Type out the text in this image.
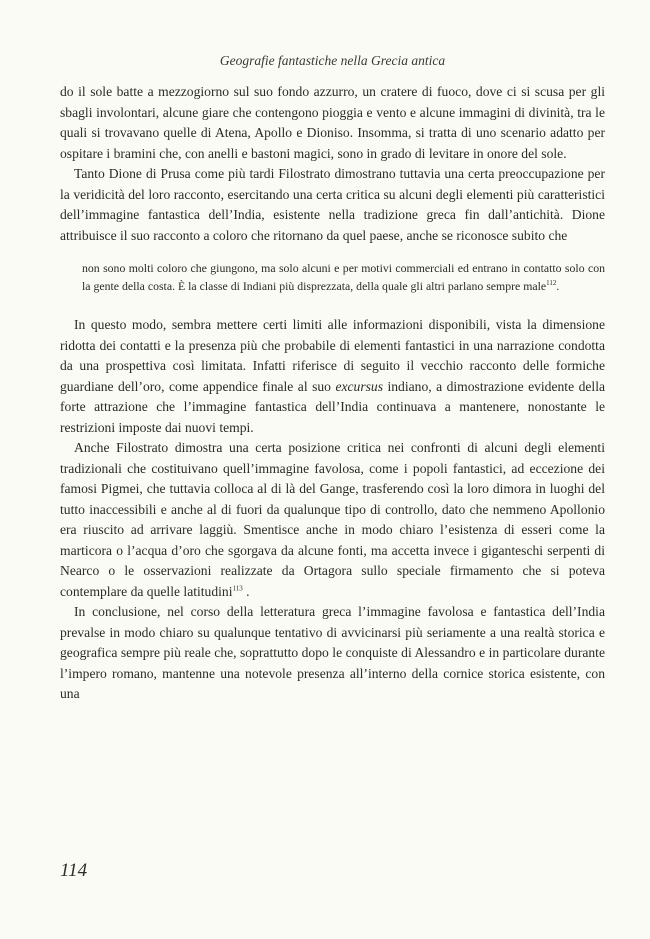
Geografie fantastiche nella Grecia antica

do il sole batte a mezzogiorno sul suo fondo azzurro, un cratere di fuoco, dove ci si scusa per gli sbagli involontari, alcune giare che contengono pioggia e vento e alcune immagini di divinità, tra le quali si trovavano quelle di Atena, Apollo e Dioniso. Insomma, si tratta di uno scenario adatto per ospitare i bramini che, con anelli e bastoni magici, sono in grado di levitare in onore del sole.

Tanto Dione di Prusa come più tardi Filostrato dimostrano tuttavia una certa preoccupazione per la veridicità del loro racconto, esercitando una certa critica su alcuni degli elementi più caratteristici dell’immagine fantastica dell’India, esistente nella tradizione greca fin dall’antichità. Dione attribuisce il suo racconto a coloro che ritornano da quel paese, anche se riconosce subito che

non sono molti coloro che giungono, ma solo alcuni e per motivi commerciali ed entrano in contatto solo con la gente della costa. È la classe di Indiani più disprezzata, della quale gli altri parlano sempre male$^{112}$.

In questo modo, sembra mettere certi limiti alle informazioni disponibili, vista la dimensione ridotta dei contatti e la presenza più che probabile di elementi fantastici in una narrazione condotta da una prospettiva così limitata. Infatti riferisce di seguito il vecchio racconto delle formiche guardiane dell’oro, come appendice finale al suo excursus indiano, a dimostrazione evidente della forte attrazione che l’immagine fantastica dell’India continuava a mantenere, nonostante le restrizioni imposte dai nuovi tempi.

Anche Filostrato dimostra una certa posizione critica nei confronti di alcuni degli elementi tradizionali che costituivano quell’immagine favolosa, come i popoli fantastici, ad eccezione dei famosi Pigmei, che tuttavia colloca al di là del Gange, trasferendo così la loro dimora in luoghi del tutto inaccessibili e anche al di fuori da qualunque tipo di controllo, dato che nemmeno Apollonio era riuscito ad arrivare laggiù. Smentisce anche in modo chiaro l’esistenza di esseri come la marticora o l’acqua d’oro che sgorgava da alcune fonti, ma accetta invece i giganteschi serpenti di Nearco o le osservazioni realizzate da Ortagora sullo speciale firmamento che si poteva contemplare da quelle latitudini$^{113}$ .

In conclusione, nel corso della letteratura greca l’immagine favolosa e fantastica dell’India prevalse in modo chiaro su qualunque tentativo di avvicinarsi più seriamente a una realtà storica e geografica sempre più reale che, soprattutto dopo le conquiste di Alessandro e in particolare durante l’impero romano, mantenne una notevole presenza all’interno della cornice storica esistente, con una

114
